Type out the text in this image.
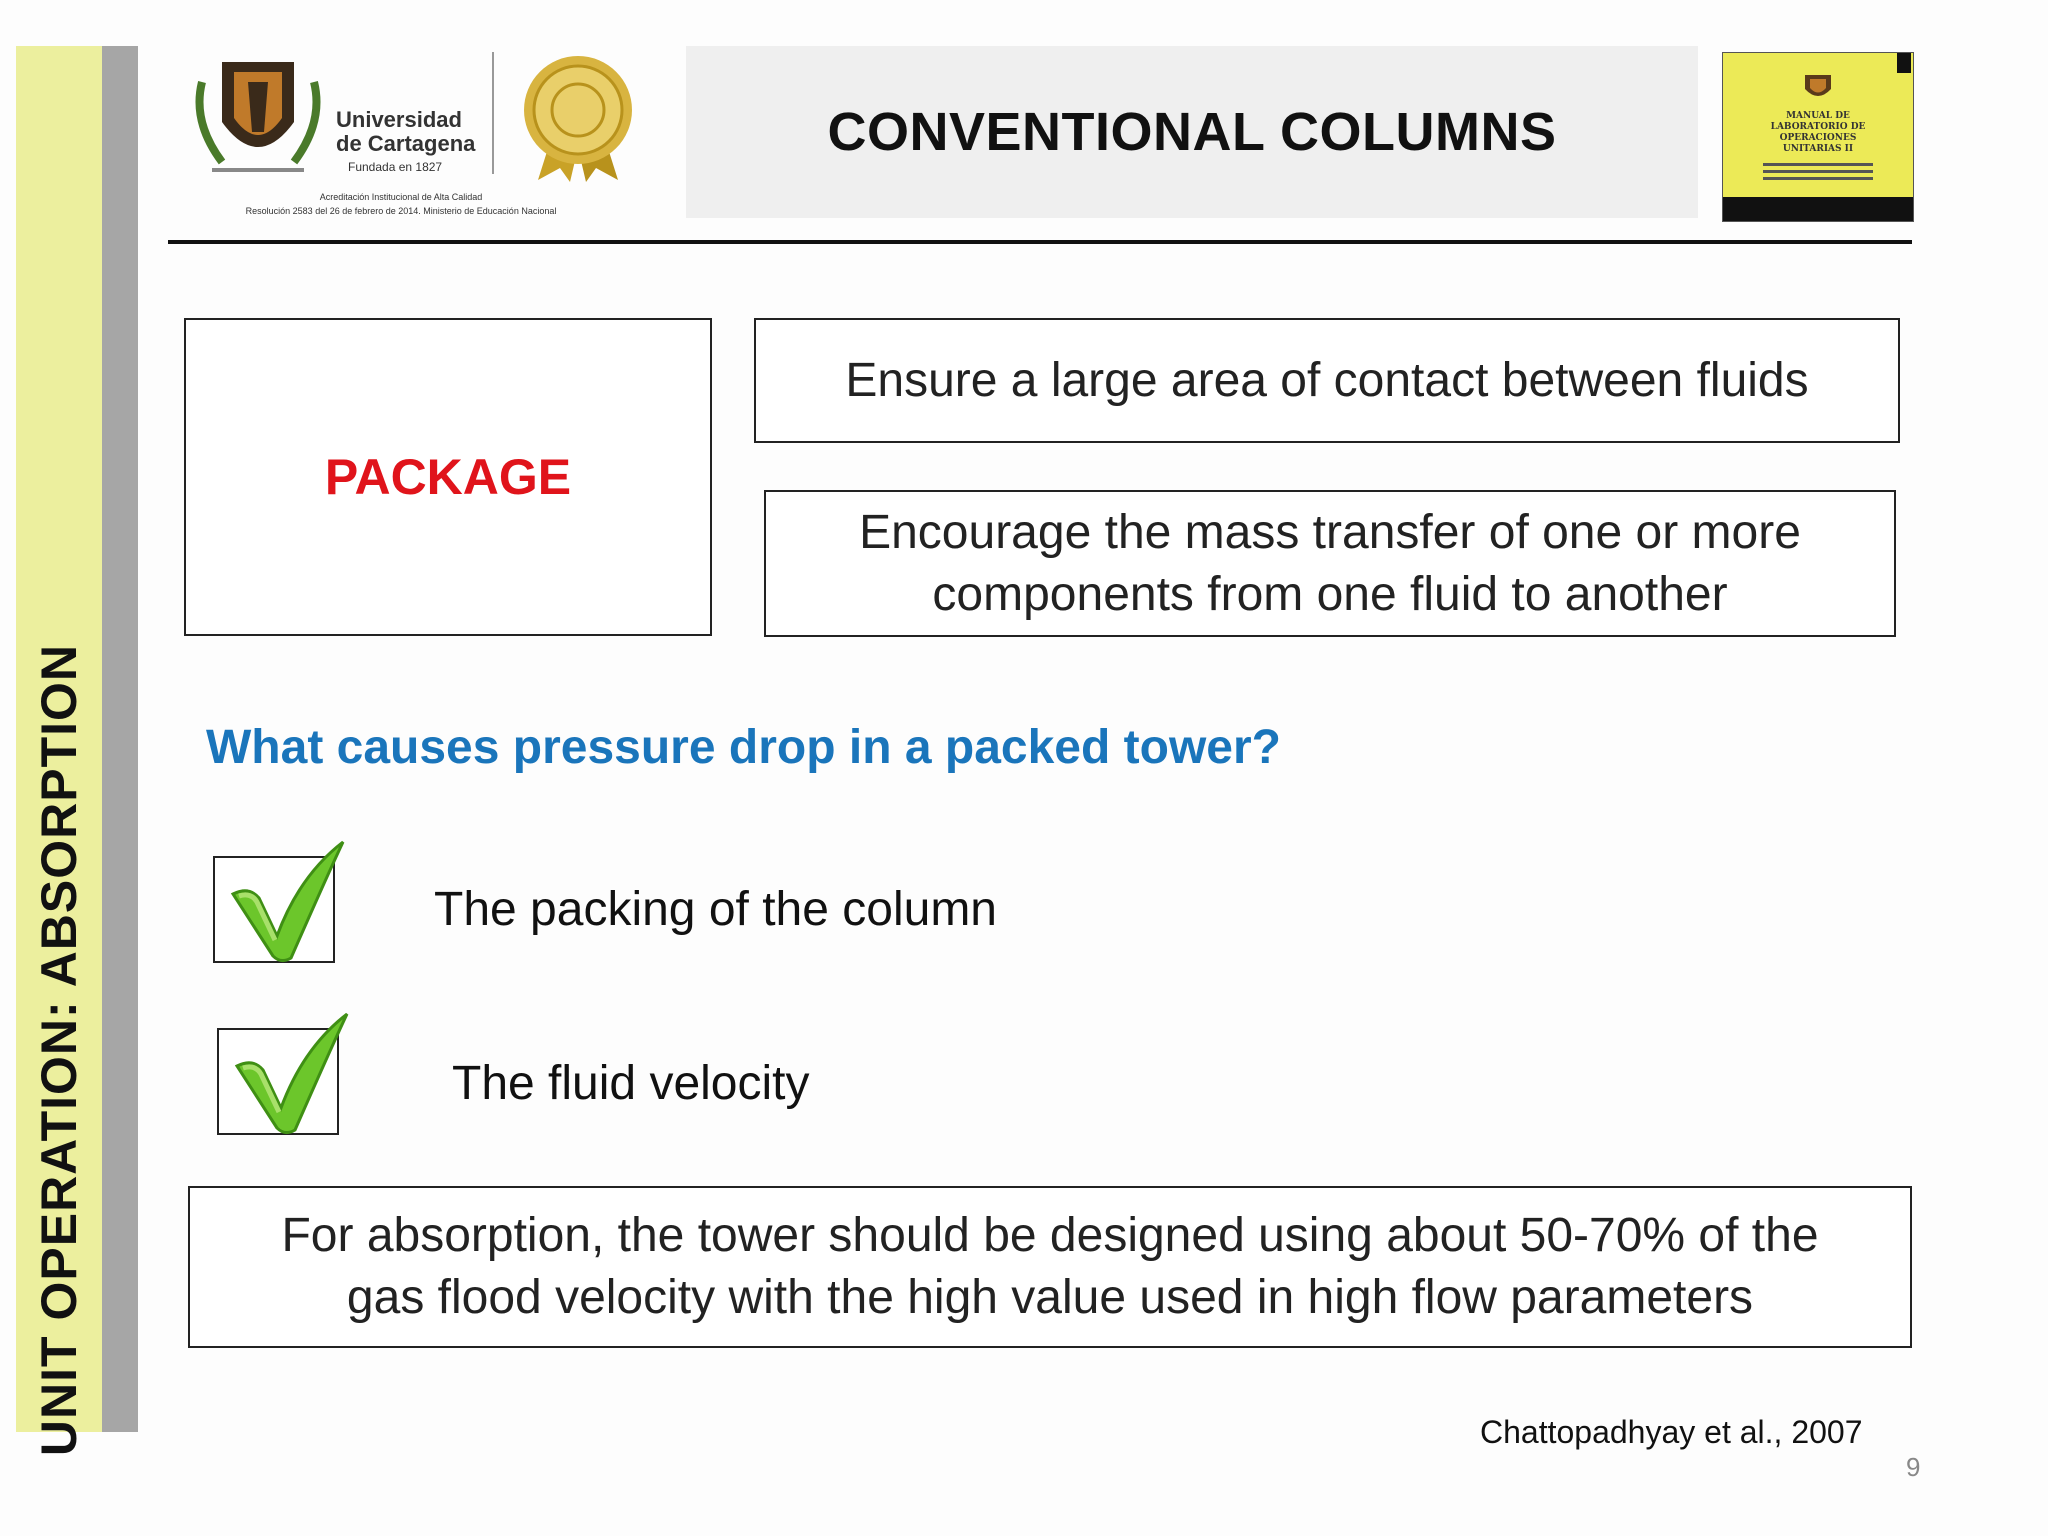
UNIT OPERATION: ABSORPTION
Universidad
de Cartagena
Fundada en 1827
Acreditación Institucional de Alta Calidad
Resolución 2583 del 26 de febrero de 2014. Ministerio de Educación Nacional
CONVENTIONAL COLUMNS	MANUAL DE
LABORATORIO DE
OPERACIONES
UNITARIAS II
PACKAGE
Ensure a large area of contact between fluids
Encourage the mass transfer of one or more
components from one fluid to another
What causes pressure drop in a packed tower?
The packing of the column
The fluid velocity
For absorption, the tower should be designed using about 50-70% of the
gas flood velocity with the high value used in high flow parameters
Chattopadhyay et al., 2007
9
